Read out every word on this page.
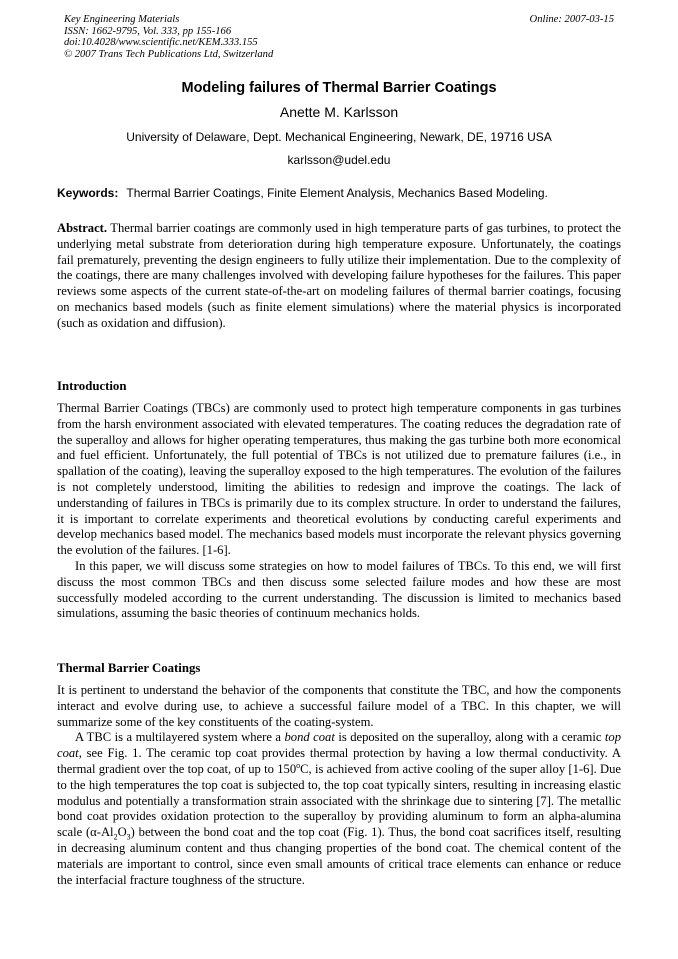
Key Engineering Materials
ISSN: 1662-9795, Vol. 333, pp 155-166
doi:10.4028/www.scientific.net/KEM.333.155
© 2007 Trans Tech Publications Ltd, Switzerland
Online: 2007-03-15
Modeling failures of Thermal Barrier Coatings
Anette M. Karlsson
University of Delaware, Dept. Mechanical Engineering, Newark, DE, 19716 USA
karlsson@udel.edu
Keywords: Thermal Barrier Coatings, Finite Element Analysis, Mechanics Based Modeling.
Abstract. Thermal barrier coatings are commonly used in high temperature parts of gas turbines, to protect the underlying metal substrate from deterioration during high temperature exposure. Unfortunately, the coatings fail prematurely, preventing the design engineers to fully utilize their implementation. Due to the complexity of the coatings, there are many challenges involved with developing failure hypotheses for the failures. This paper reviews some aspects of the current state-of-the-art on modeling failures of thermal barrier coatings, focusing on mechanics based models (such as finite element simulations) where the material physics is incorporated (such as oxidation and diffusion).
Introduction

Thermal Barrier Coatings (TBCs) are commonly used to protect high temperature components in gas turbines from the harsh environment associated with elevated temperatures. The coating reduces the degradation rate of the superalloy and allows for higher operating temperatures, thus making the gas turbine both more economical and fuel efficient. Unfortunately, the full potential of TBCs is not utilized due to premature failures (i.e., in spallation of the coating), leaving the superalloy exposed to the high temperatures. The evolution of the failures is not completely understood, limiting the abilities to redesign and improve the coatings. The lack of understanding of failures in TBCs is primarily due to its complex structure. In order to understand the failures, it is important to correlate experiments and theoretical evolutions by conducting careful experiments and develop mechanics based model. The mechanics based models must incorporate the relevant physics governing the evolution of the failures. [1-6].

In this paper, we will discuss some strategies on how to model failures of TBCs. To this end, we will first discuss the most common TBCs and then discuss some selected failure modes and how these are most successfully modeled according to the current understanding. The discussion is limited to mechanics based simulations, assuming the basic theories of continuum mechanics holds.

Thermal Barrier Coatings

It is pertinent to understand the behavior of the components that constitute the TBC, and how the components interact and evolve during use, to achieve a successful failure model of a TBC. In this chapter, we will summarize some of the key constituents of the coating-system.

A TBC is a multilayered system where a bond coat is deposited on the superalloy, along with a ceramic top coat, see Fig. 1. The ceramic top coat provides thermal protection by having a low thermal conductivity. A thermal gradient over the top coat, of up to 150$^o$C, is achieved from active cooling of the super alloy [1-6]. Due to the high temperatures the top coat is subjected to, the top coat typically sinters, resulting in increasing elastic modulus and potentially a transformation strain associated with the shrinkage due to sintering [7]. The metallic bond coat provides oxidation protection to the superalloy by providing aluminum to form an alpha-alumina scale $(\alpha-Al_2O_3)$ between the bond coat and the top coat (Fig. 1). Thus, the bond coat sacrifices itself, resulting in decreasing aluminum content and thus changing properties of the bond coat. The chemical content of the materials are important to control, since even small amounts of critical trace elements can enhance or reduce the interfacial fracture toughness of the structure.
